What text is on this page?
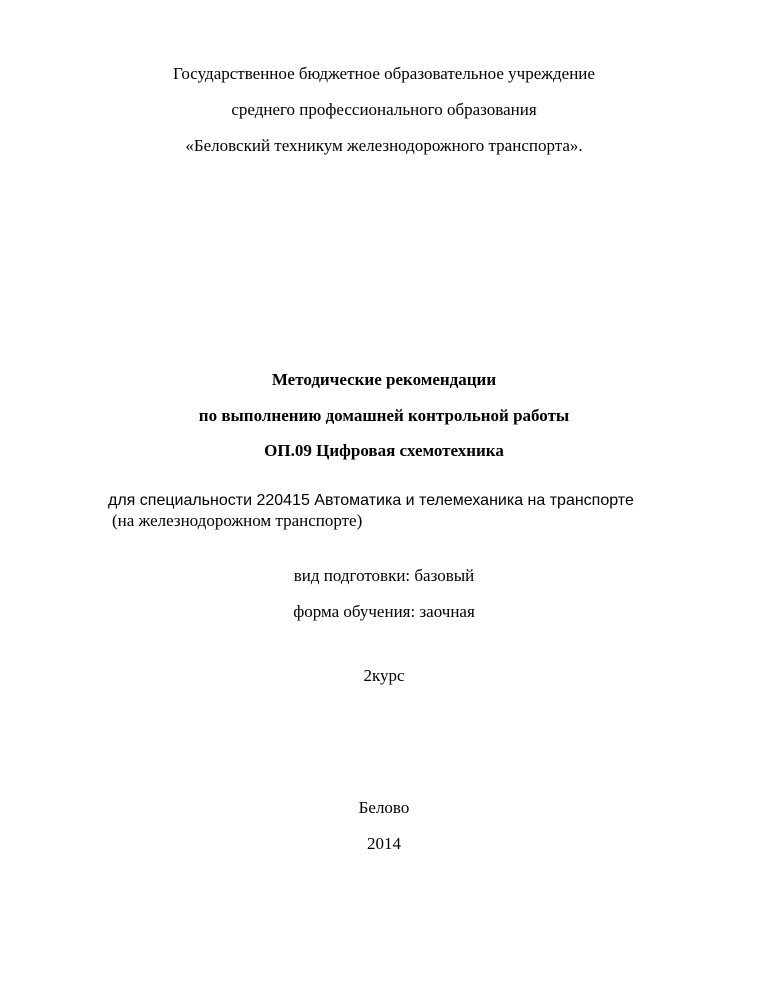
Государственное бюджетное образовательное учреждение
среднего профессионального образования
«Беловский техникум железнодорожного транспорта».
Методические рекомендации
по выполнению домашней контрольной работы
ОП.09 Цифровая схемотехника
для специальности 220415 Автоматика и телемеханика на транспорте
(на железнодорожном транспорте)
вид подготовки: базовый
форма обучения: заочная
2курс
Белово
2014
